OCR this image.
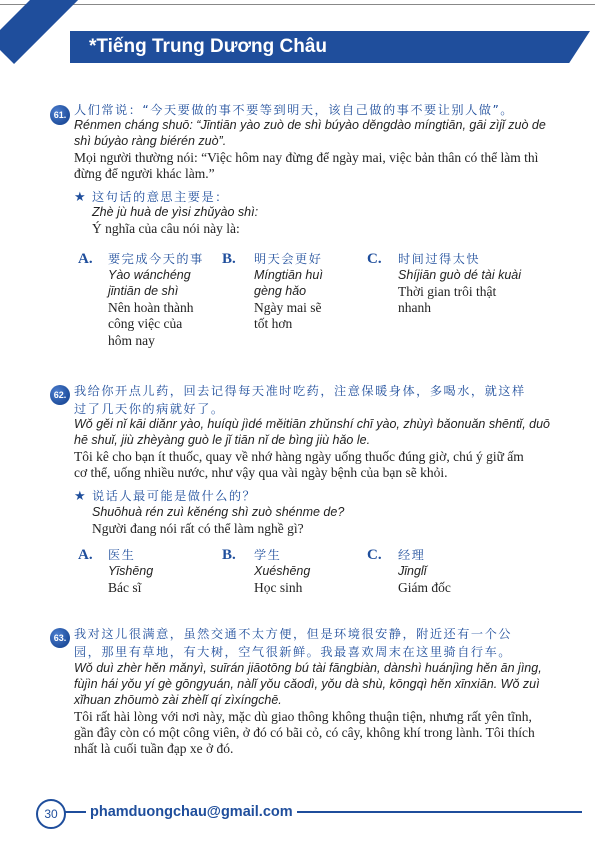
HSK *Tiếng Trung Dương Châu
61. 人们常说：“今天要做的事不要等到明天，该自己做的事不要让别人做”。
Rénmen cháng shuō: “Jīntiān yào zuò de shì búyào děngdào míngtiān, gāi zìjǐ zuò de
shì búyào ràng biérén zuò”.
Mọi người thường nói: “Việc hôm nay đừng để ngày mai, việc bản thân có thể làm thì
đừng để người khác làm.”
★ 这句话的意思主要是：
Zhè jù huà de yìsi zhǔyào shì:
Ý nghĩa của câu nói này là:
A. 要完成今天的事
Yào wánchéng
jīntiān de shì
Nên hoàn thành
công việc của
hôm nay
B. 明天会更好
Míngtiān huì
gèng hǎo
Ngày mai sẽ
tốt hơn
C. 时间过得太快
Shíjiān guò dé tài kuài
Thời gian trôi thật
nhanh
62. 我给你开点儿药，回去记得每天准时吃药，注意保暖身体，多喝水，就这样
过了几天你的病就好了。
Wǒ gěi nǐ kāi diǎnr yào, huíqù jìdé měitiān zhǔnshí chī yào, zhùyì bǎonuǎn shēntǐ, duō
hē shuǐ, jiù zhèyàng guò le jǐ tiān nǐ de bìng jiù hǎo le.
Tôi kê cho bạn ít thuốc, quay về nhớ hàng ngày uống thuốc đúng giờ, chú ý giữ ấm
cơ thể, uống nhiều nước, như vậy qua vài ngày bệnh của bạn sẽ khỏi.
★ 说话人最可能是做什么的？
Shuōhuà rén zuì kěnéng shì zuò shénme de?
Người đang nói rất có thể làm nghề gì?
A. 医生
Yīshēng
Bác sĩ
B. 学生
Xuéshēng
Học sinh
C. 经理
Jīnglǐ
Giám đốc
63. 我对这儿很满意，虽然交通不太方便，但是环境很安静，附近还有一个公
园，那里有草地，有大树，空气很新鲜。我最喜欢周末在这里骑自行车。
Wǒ duì zhèr hěn mǎnyì, suīrán jiāotōng bú tài fāngbiàn, dànshì huánjìng hěn ān jìng,
fùjìn hái yǒu yí gè gōngyuán, nàlǐ yǒu cǎodì, yǒu dà shù, kōngqì hěn xīnxiān. Wǒ zuì
xǐhuan zhōumò zài zhèlǐ qí zìxíngchē.
Tôi rất hài lòng với nơi này, mặc dù giao thông không thuận tiện, nhưng rất yên tĩnh,
gần đây còn có một công viên, ở đó có bãi cỏ, có cây, không khí trong lành. Tôi thích
nhất là cuối tuần đạp xe ở đó.
30	phamduongchau@gmail.com
